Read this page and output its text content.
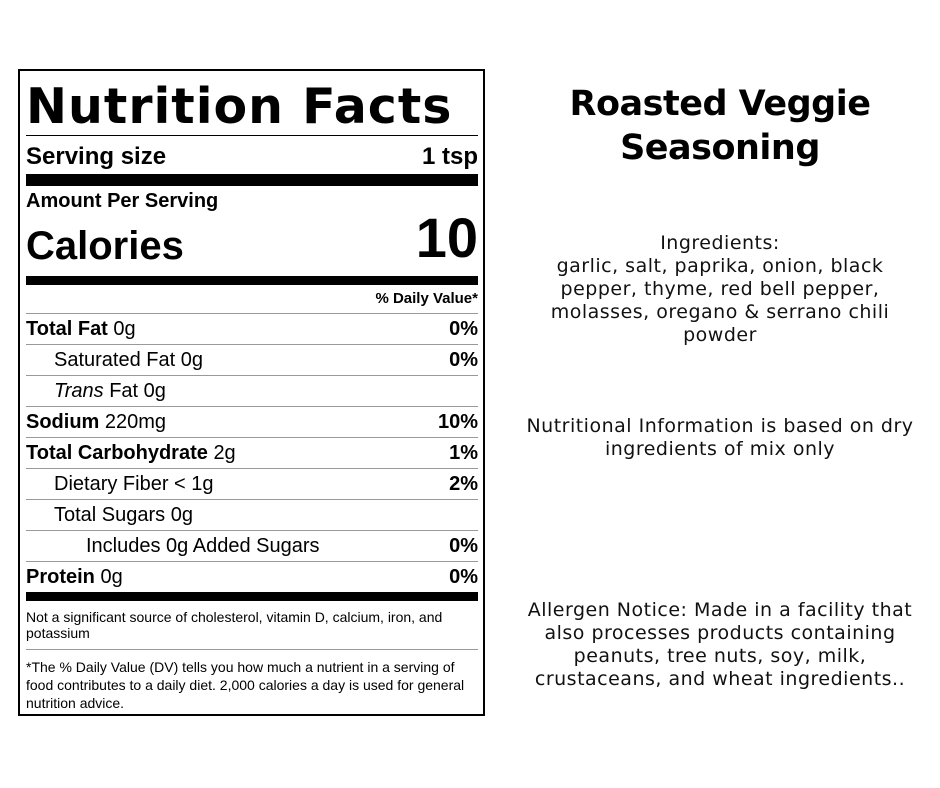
Nutrition Facts
Serving size	1 tsp
Amount Per Serving
Calories	10
% Daily Value*
Total Fat 0g	0%
Saturated Fat 0g	0%
Trans Fat 0g
Sodium 220mg	10%
Total Carbohydrate 2g	1%
Dietary Fiber < 1g	2%
Total Sugars 0g
Includes 0g Added Sugars	0%
Protein 0g	0%
Not a significant source of cholesterol, vitamin D, calcium, iron, and potassium
*The % Daily Value (DV) tells you how much a nutrient in a serving of food contributes to a daily diet. 2,000 calories a day is used for general nutrition advice.
Roasted Veggie
Seasoning
Ingredients:
garlic, salt, paprika, onion, black pepper, thyme, red bell pepper, molasses, oregano & serrano chili powder
Nutritional Information is based on dry ingredients of mix only
Allergen Notice: Made in a facility that also processes products containing peanuts, tree nuts, soy, milk, crustaceans, and wheat ingredients..
